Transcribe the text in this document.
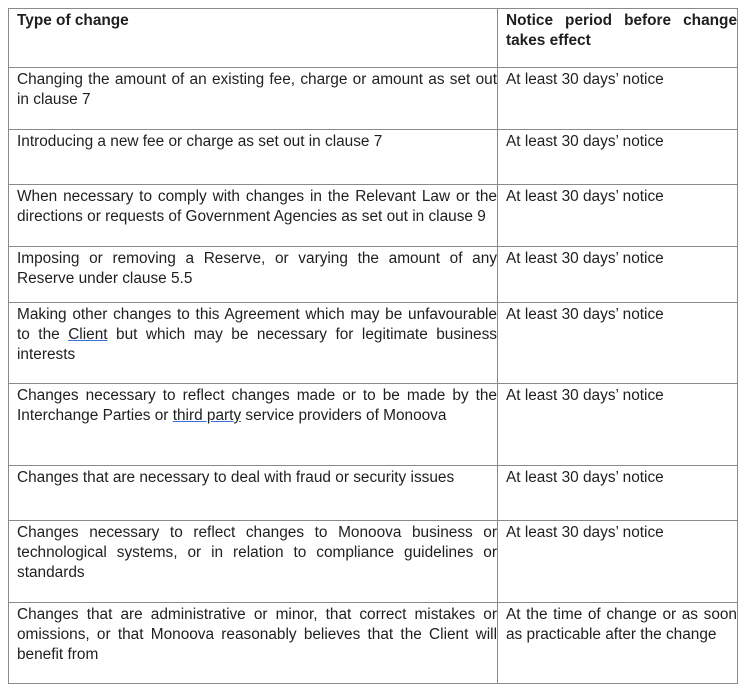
Type of change	Notice period before change takes effect
Changing the amount of an existing fee, charge or amount as set out in clause 7	At least 30 days’ notice
Introducing a new fee or charge as set out in clause 7	At least 30 days’ notice
When necessary to comply with changes in the Relevant Law or the directions or requests of Government Agencies as set out in clause 9	At least 30 days’ notice
Imposing or removing a Reserve, or varying the amount of any Reserve under clause 5.5	At least 30 days’ notice
Making other changes to this Agreement which may be unfavourable to the Client but which may be necessary for legitimate business interests	At least 30 days’ notice
Changes necessary to reflect changes made or to be made by the Interchange Parties or third party service providers of Monoova	At least 30 days’ notice
Changes that are necessary to deal with fraud or security issues	At least 30 days’ notice
Changes necessary to reflect changes to Monoova business or technological systems, or in relation to compliance guidelines or standards	At least 30 days’ notice
Changes that are administrative or minor, that correct mistakes or omissions, or that Monoova reasonably believes that the Client will benefit from	At the time of change or as soon as practicable after the change
